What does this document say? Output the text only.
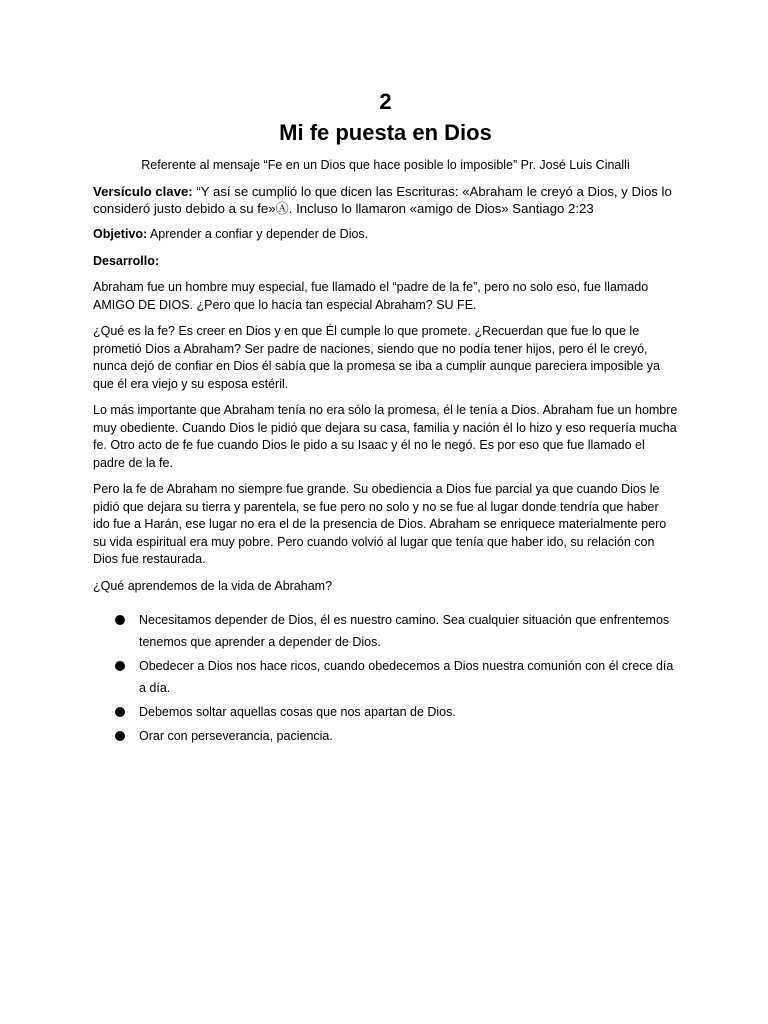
2

Mi fe puesta en Dios

Referente al mensaje “Fe en un Dios que hace posible lo imposible” Pr. José Luis Cinalli

Versículo clave: “Y así se cumplió lo que dicen las Escrituras: «Abraham le creyó a Dios, y Dios lo consideró justo debido a su fe»Ⓐ. Incluso lo llamaron «amigo de Dios» Santiago 2:23

Objetivo: Aprender a confiar y depender de Dios.

Desarrollo:

Abraham fue un hombre muy especial, fue llamado el “padre de la fe”, pero no solo eso, fue llamado AMIGO DE DIOS. ¿Pero que lo hacía tan especial Abraham? SU FE.

¿Qué es la fe? Es creer en Dios y en que Él cumple lo que promete. ¿Recuerdan que fue lo que le prometió Dios a Abraham? Ser padre de naciones, siendo que no podía tener hijos, pero él le creyó, nunca dejó de confiar en Dios él sabía que la promesa se iba a cumplir aunque pareciera imposible ya que él era viejo y su esposa estéril.

Lo más importante que Abraham tenía no era sólo la promesa, él le tenía a Dios. Abraham fue un hombre muy obediente. Cuando Dios le pidió que dejara su casa, familia y nación él lo hizo y eso requería mucha fe. Otro acto de fe fue cuando Dios le pido a su Isaac y él no le negó. Es por eso que fue llamado el padre de la fe.

Pero la fe de Abraham no siempre fue grande. Su obediencia a Dios fue parcial ya que cuando Dios le pidió que dejara su tierra y parentela, se fue pero no solo y no se fue al lugar donde tendría que haber ido fue a Harán, ese lugar no era el de la presencia de Dios. Abraham se enriquece materialmente pero su vida espiritual era muy pobre. Pero cuando volvió al lugar que tenía que haber ido, su relación con Dios fue restaurada.

¿Qué aprendemos de la vida de Abraham?

Necesitamos depender de Dios, él es nuestro camino. Sea cualquier situación que enfrentemos tenemos que aprender a depender de Dios.
Obedecer a Dios nos hace ricos, cuando obedecemos a Dios nuestra comunión con él crece día a día.
Debemos soltar aquellas cosas que nos apartan de Dios.
Orar con perseverancia, paciencia.
